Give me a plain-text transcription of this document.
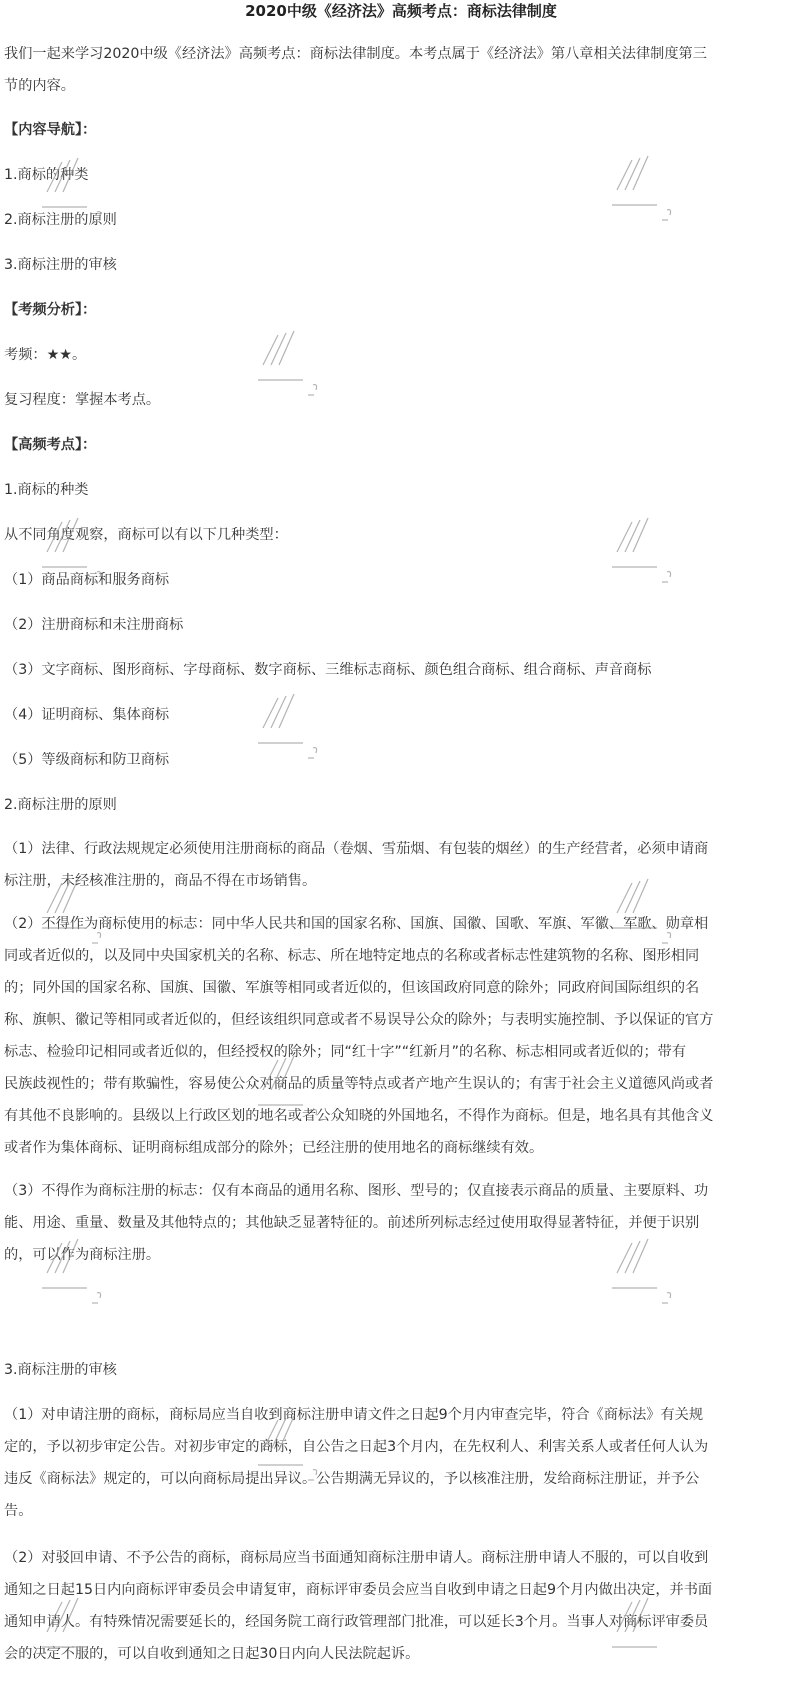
2020中级《经济法》高频考点：商标法律制度
我们一起来学习2020中级《经济法》高频考点：商标法律制度。本考点属于《经济法》第八章相关法律制度第三
节的内容。
【内容导航】：
1.商标的种类
2.商标注册的原则
3.商标注册的审核
【考频分析】：
考频：★★。
复习程度：掌握本考点。
【高频考点】：
1.商标的种类
从不同角度观察，商标可以有以下几种类型：
（1）商品商标和服务商标
（2）注册商标和未注册商标
（3）文字商标、图形商标、字母商标、数字商标、三维标志商标、颜色组合商标、组合商标、声音商标
（4）证明商标、集体商标
（5）等级商标和防卫商标
2.商标注册的原则
（1）法律、行政法规规定必须使用注册商标的商品（卷烟、雪茄烟、有包装的烟丝）的生产经营者，必须申请商
标注册，未经核准注册的，商品不得在市场销售。
（2）不得作为商标使用的标志：同中华人民共和国的国家名称、国旗、国徽、国歌、军旗、军徽、军歌、勋章相
同或者近似的，以及同中央国家机关的名称、标志、所在地特定地点的名称或者标志性建筑物的名称、图形相同
的；同外国的国家名称、国旗、国徽、军旗等相同或者近似的，但该国政府同意的除外；同政府间国际组织的名
称、旗帜、徽记等相同或者近似的，但经该组织同意或者不易误导公众的除外；与表明实施控制、予以保证的官方
标志、检验印记相同或者近似的，但经授权的除外；同“红十字”“红新月”的名称、标志相同或者近似的；带有
民族歧视性的；带有欺骗性，容易使公众对商品的质量等特点或者产地产生误认的；有害于社会主义道德风尚或者
有其他不良影响的。县级以上行政区划的地名或者公众知晓的外国地名，不得作为商标。但是，地名具有其他含义
或者作为集体商标、证明商标组成部分的除外；已经注册的使用地名的商标继续有效。
（3）不得作为商标注册的标志：仅有本商品的通用名称、图形、型号的；仅直接表示商品的质量、主要原料、功
能、用途、重量、数量及其他特点的；其他缺乏显著特征的。前述所列标志经过使用取得显著特征，并便于识别
的，可以作为商标注册。
3.商标注册的审核
（1）对申请注册的商标，商标局应当自收到商标注册申请文件之日起9个月内审查完毕，符合《商标法》有关规
定的，予以初步审定公告。对初步审定的商标，自公告之日起3个月内，在先权利人、利害关系人或者任何人认为
违反《商标法》规定的，可以向商标局提出异议。公告期满无异议的，予以核准注册，发给商标注册证，并予公
告。
（2）对驳回申请、不予公告的商标，商标局应当书面通知商标注册申请人。商标注册申请人不服的，可以自收到
通知之日起15日内向商标评审委员会申请复审，商标评审委员会应当自收到申请之日起9个月内做出决定，并书面
通知申请人。有特殊情况需要延长的，经国务院工商行政管理部门批准，可以延长3个月。当事人对商标评审委员
会的决定不服的，可以自收到通知之日起30日内向人民法院起诉。
